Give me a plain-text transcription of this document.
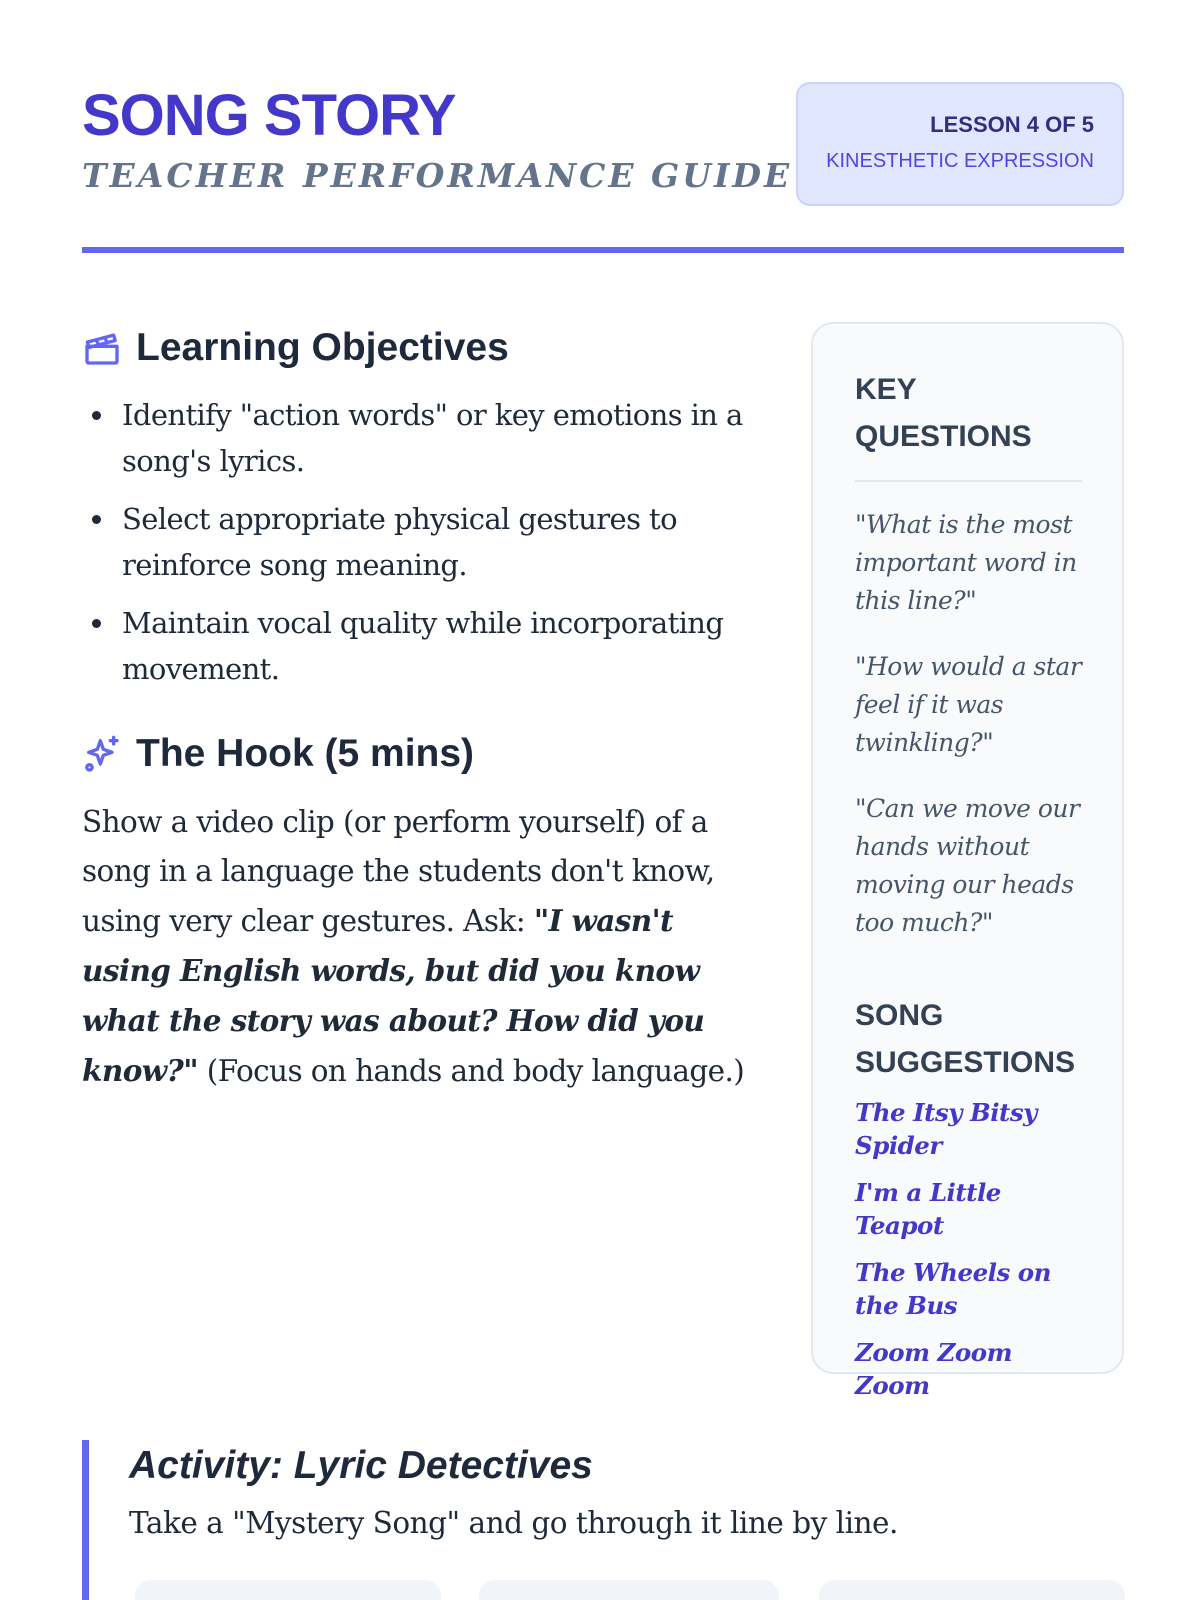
SONG STORY
TEACHER PERFORMANCE GUIDE
LESSON 4 OF 5
KINESTHETIC EXPRESSION
Learning Objectives
Identify "action words" or key emotions in a song's lyrics.
Select appropriate physical gestures to reinforce song meaning.
Maintain vocal quality while incorporating movement.
The Hook (5 mins)

Show a video clip (or perform yourself) of a song in a language the students don't know, using very clear gestures. Ask: "I wasn't using English words, but did you know what the story was about? How did you know?" (Focus on hands and body language.)

KEY QUESTIONS
"What is the most important word in this line?"
"How would a star feel if it was twinkling?"
"Can we move our hands without moving our heads too much?"
SONG SUGGESTIONS
The Itsy Bitsy Spider
I'm a Little Teapot
The Wheels on the Bus
Zoom Zoom Zoom
Activity: Lyric Detectives

Take a "Mystery Song" and go through it line by line.
